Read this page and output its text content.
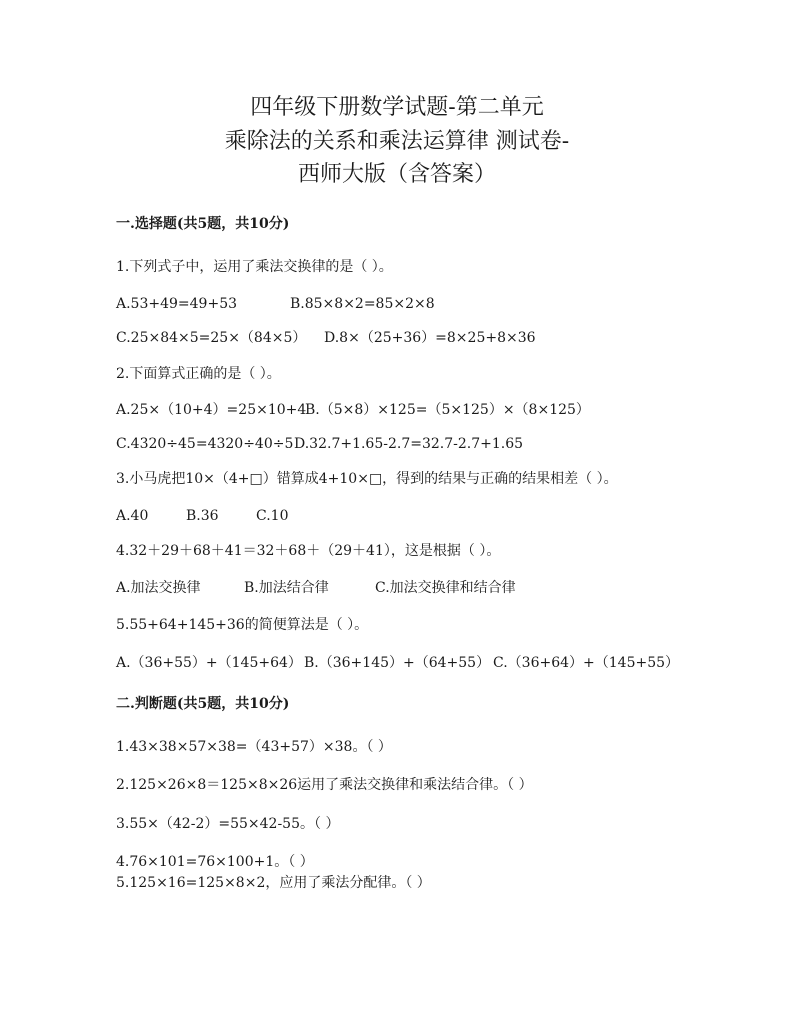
四年级下册数学试题-第二单元
乘除法的关系和乘法运算律 测试卷-
西师大版（含答案）
一.选择题(共5题，共10分)
1.下列式子中，运用了乘法交换律的是（ ）。
A.53+49=49+53	B.85×8×2=85×2×8
C.25×84×5=25×（84×5） D.8×（25+36）=8×25+8×36
2.下面算式正确的是（ ）。
A.25×（10+4）=25×10+4
B.（5×8）×125=（5×125）×（8×125）
C.4320÷45=4320÷40÷5 D.32.7+1.65-2.7=32.7-2.7+1.65
3.小马虎把10×（4+□）错算成4+10×□，得到的结果与正确的结果相差（ ）。
A.40	B.36	C.10
4.32＋29＋68＋41＝32＋68＋（29＋41），这是根据（ ）。
A.加法交换律	B.加法结合律	C.加法交换律和结合律
5.55+64+145+36的简便算法是（ ）。
A.（36+55）+（145+64） B.（36+145）+（64+55） C.（36+64）+（145+55）
二.判断题(共5题，共10分)
1.43×38×57×38=（43+57）×38。（ ）
2.125×26×8＝125×8×26运用了乘法交换律和乘法结合律。（ ）
3.55×（42-2）=55×42-55。（ ）
4.76×101=76×100+1。（ ）
5.125×16=125×8×2，应用了乘法分配律。（ ）
